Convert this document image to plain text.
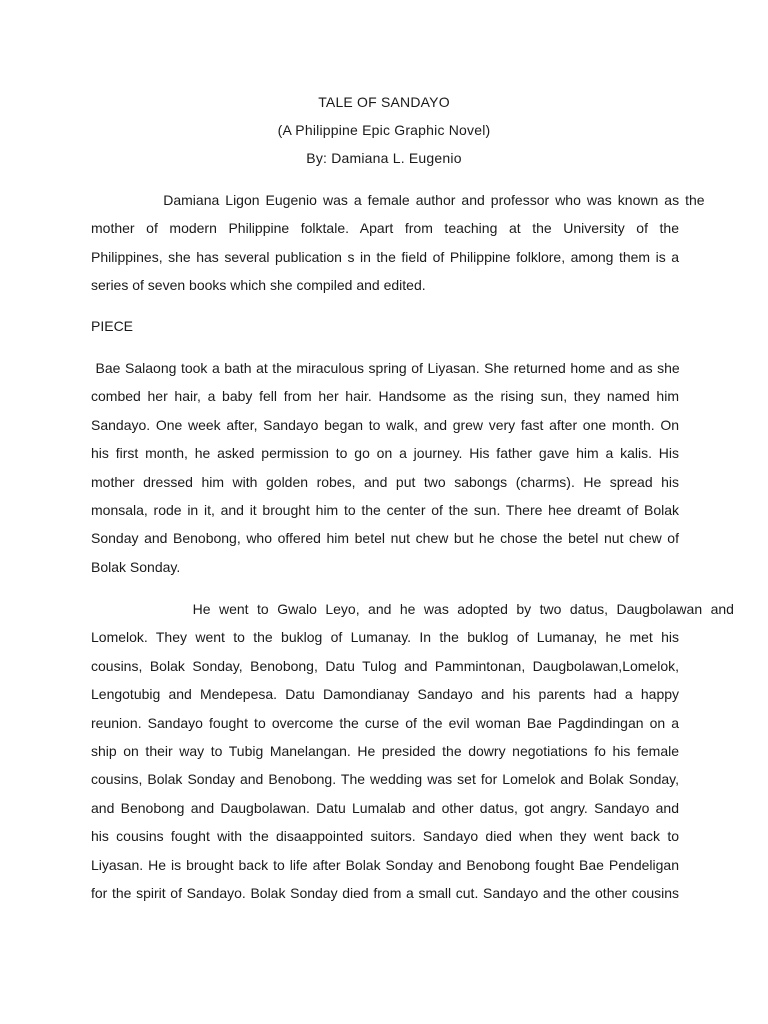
TALE OF SANDAYO
(A Philippine Epic Graphic Novel)
By: Damiana L. Eugenio
Damiana Ligon Eugenio was a female author and professor who was known as the
mother of modern Philippine folktale. Apart from teaching at the University of the
Philippines, she has several publication s in the field of Philippine folklore, among them is a
series of seven books which she compiled and edited.
PIECE
Bae Salaong took a bath at the miraculous spring of Liyasan. She returned home and as she
combed her hair, a baby fell from her hair. Handsome as the rising sun, they named him
Sandayo. One week after, Sandayo began to walk, and grew very fast after one month. On
his first month, he asked permission to go on a journey. His father gave him a kalis. His
mother dressed him with golden robes, and put two sabongs (charms). He spread his
monsala, rode in it, and it brought him to the center of the sun. There hee dreamt of Bolak
Sonday and Benobong, who offered him betel nut chew but he chose the betel nut chew of
Bolak Sonday.
He went to Gwalo Leyo, and he was adopted by two datus, Daugbolawan and
Lomelok. They went to the buklog of Lumanay. In the buklog of Lumanay, he met his
cousins, Bolak Sonday, Benobong, Datu Tulog and Pammintonan, Daugbolawan,Lomelok,
Lengotubig and Mendepesa. Datu Damondianay Sandayo and his parents had a happy
reunion. Sandayo fought to overcome the curse of the evil woman Bae Pagdindingan on a
ship on their way to Tubig Manelangan. He presided the dowry negotiations fo his female
cousins, Bolak Sonday and Benobong. The wedding was set for Lomelok and Bolak Sonday,
and Benobong and Daugbolawan. Datu Lumalab and other datus, got angry. Sandayo and
his cousins fought with the disaappointed suitors. Sandayo died when they went back to
Liyasan. He is brought back to life after Bolak Sonday and Benobong fought Bae Pendeligan
for the spirit of Sandayo. Bolak Sonday died from a small cut. Sandayo and the other cousins
